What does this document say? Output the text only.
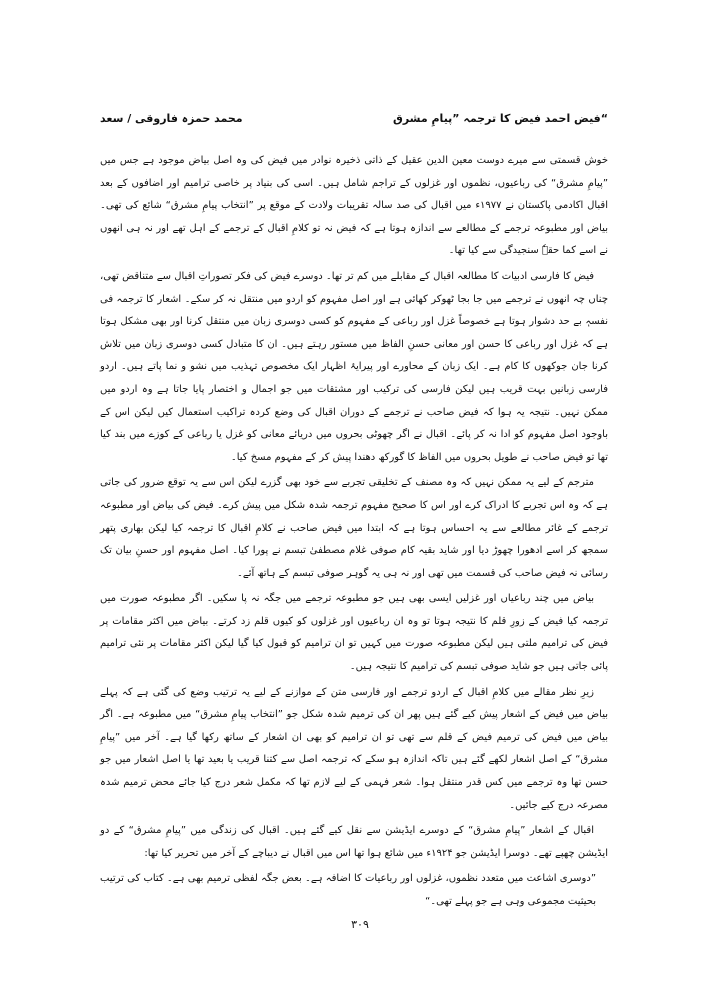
محمد حمزہ فاروقی / سعد	فیض احمد فیض کا ترجمہ ”پیامِ مشرق“

خوش قسمتی سے میرے دوست معین الدین عقیل کے ذاتی ذخیرہ نوادر میں فیض کی وہ اصل بیاض موجود ہے جس میں ”پیامِ مشرق“ کی رباعیوں، نظموں اور غزلوں کے تراجم شامل ہیں۔ اسی کی بنیاد پر خاصی ترامیم اور اضافوں کے بعد اقبال اکادمی پاکستان نے ۱۹۷۷ء میں اقبال کی صد سالہ تقریبات ولادت کے موقع پر ”انتخاب پیامِ مشرق“ شائع کی تھی۔ بیاض اور مطبوعہ ترجمے کے مطالعے سے اندازہ ہوتا ہے کہ فیض نہ تو کلامِ اقبال کے ترجمے کے اہل تھے اور نہ ہی انھوں نے اسے کما حقہٗ سنجیدگی سے کیا تھا۔

فیض کا فارسی ادبیات کا مطالعہ اقبال کے مقابلے میں کم تر تھا۔ دوسرے فیض کی فکر تصوراتِ اقبال سے متناقض تھی، چناں چہ انھوں نے ترجمے میں جا بجا ٹھوکر کھائی ہے اور اصل مفہوم کو اردو میں منتقل نہ کر سکے۔ اشعار کا ترجمہ فی نفسہٖ بے حد دشوار ہوتا ہے خصوصاً غزل اور رباعی کے مفہوم کو کسی دوسری زبان میں منتقل کرنا اور بھی مشکل ہوتا ہے کہ غزل اور رباعی کا حسن اور معانی حسنِ الفاظ میں مستور رہتے ہیں۔ ان کا متبادل کسی دوسری زبان میں تلاش کرنا جان جوکھوں کا کام ہے۔ ایک زبان کے محاورے اور پیرایۂ اظہار ایک مخصوص تہذیب میں نشو و نما پاتے ہیں۔ اردو فارسی زبانیں بہت قریب ہیں لیکن فارسی کی ترکیب اور مشتقات میں جو اجمال و اختصار پایا جاتا ہے وہ اردو میں ممکن نہیں۔ نتیجہ یہ ہوا کہ فیض صاحب نے ترجمے کے دوران اقبال کی وضع کردہ تراکیب استعمال کیں لیکن اس کے باوجود اصل مفہوم کو ادا نہ کر پائے۔ اقبال نے اگر چھوٹی بحروں میں دریائے معانی کو غزل یا رباعی کے کوزے میں بند کیا تھا تو فیض صاحب نے طویل بحروں میں الفاظ کا گورکھ دھندا پیش کر کے مفہوم مسخ کیا۔

مترجم کے لیے یہ ممکن نہیں کہ وہ مصنف کے تخلیقی تجربے سے خود بھی گزرے لیکن اس سے یہ توقع ضرور کی جاتی ہے کہ وہ اس تجربے کا ادراک کرے اور اس کا صحیح مفہوم ترجمہ شدہ شکل میں پیش کرے۔ فیض کی بیاض اور مطبوعہ ترجمے کے غائر مطالعے سے یہ احساس ہوتا ہے کہ ابتدا میں فیض صاحب نے کلامِ اقبال کا ترجمہ کیا لیکن بھاری پتھر سمجھ کر اسے ادھورا چھوڑ دیا اور شاید بقیہ کام صوفی غلام مصطفیٰ تبسم نے پورا کیا۔ اصل مفہوم اور حسنِ بیان تک رسائی نہ فیض صاحب کی قسمت میں تھی اور نہ ہی یہ گوہر صوفی تبسم کے ہاتھ آئے۔

بیاض میں چند رباعیاں اور غزلیں ایسی بھی ہیں جو مطبوعہ ترجمے میں جگہ نہ پا سکیں۔ اگر مطبوعہ صورت میں ترجمہ کیا فیض کے زورِ قلم کا نتیجہ ہوتا تو وہ ان رباعیوں اور غزلوں کو کیوں قلم زد کرتے۔ بیاض میں اکثر مقامات پر فیض کی ترامیم ملتی ہیں لیکن مطبوعہ صورت میں کہیں تو ان ترامیم کو قبول کیا گیا لیکن اکثر مقامات پر نئی ترامیم پائی جاتی ہیں جو شاید صوفی تبسم کی ترامیم کا نتیجہ ہیں۔

زیرِ نظر مقالے میں کلامِ اقبال کے اردو ترجمے اور فارسی متن کے موازنے کے لیے یہ ترتیب وضع کی گئی ہے کہ پہلے بیاض میں فیض کے اشعار پیش کیے گئے ہیں پھر ان کی ترمیم شدہ شکل جو ”انتخاب پیامِ مشرق“ میں مطبوعہ ہے۔ اگر بیاض میں فیض کی ترمیم فیض کے قلم سے تھی تو ان ترامیم کو بھی ان اشعار کے ساتھ رکھا گیا ہے۔ آخر میں ”پیامِ مشرق“ کے اصل اشعار لکھے گئے ہیں تاکہ اندازہ ہو سکے کہ ترجمہ اصل سے کتنا قریب یا بعید تھا یا اصل اشعار میں جو حسن تھا وہ ترجمے میں کس قدر منتقل ہوا۔ شعر فہمی کے لیے لازم تھا کہ مکمل شعر درج کیا جائے محض ترمیم شدہ مصرعہ درج کیے جائیں۔

اقبال کے اشعار ”پیامِ مشرق“ کے دوسرے ایڈیشن سے نقل کیے گئے ہیں۔ اقبال کی زندگی میں ”پیامِ مشرق“ کے دو ایڈیشن چھپے تھے۔ دوسرا ایڈیشن جو ۱۹۲۴ء میں شائع ہوا تھا اس میں اقبال نے دیباچے کے آخر میں تحریر کیا تھا:

”دوسری اشاعت میں متعدد نظموں، غزلوں اور رباعیات کا اضافہ ہے۔ بعض جگہ لفظی ترمیم بھی ہے۔ کتاب کی ترتیب بحیثیت مجموعی وہی ہے جو پہلے تھی۔“

۳۰۹
